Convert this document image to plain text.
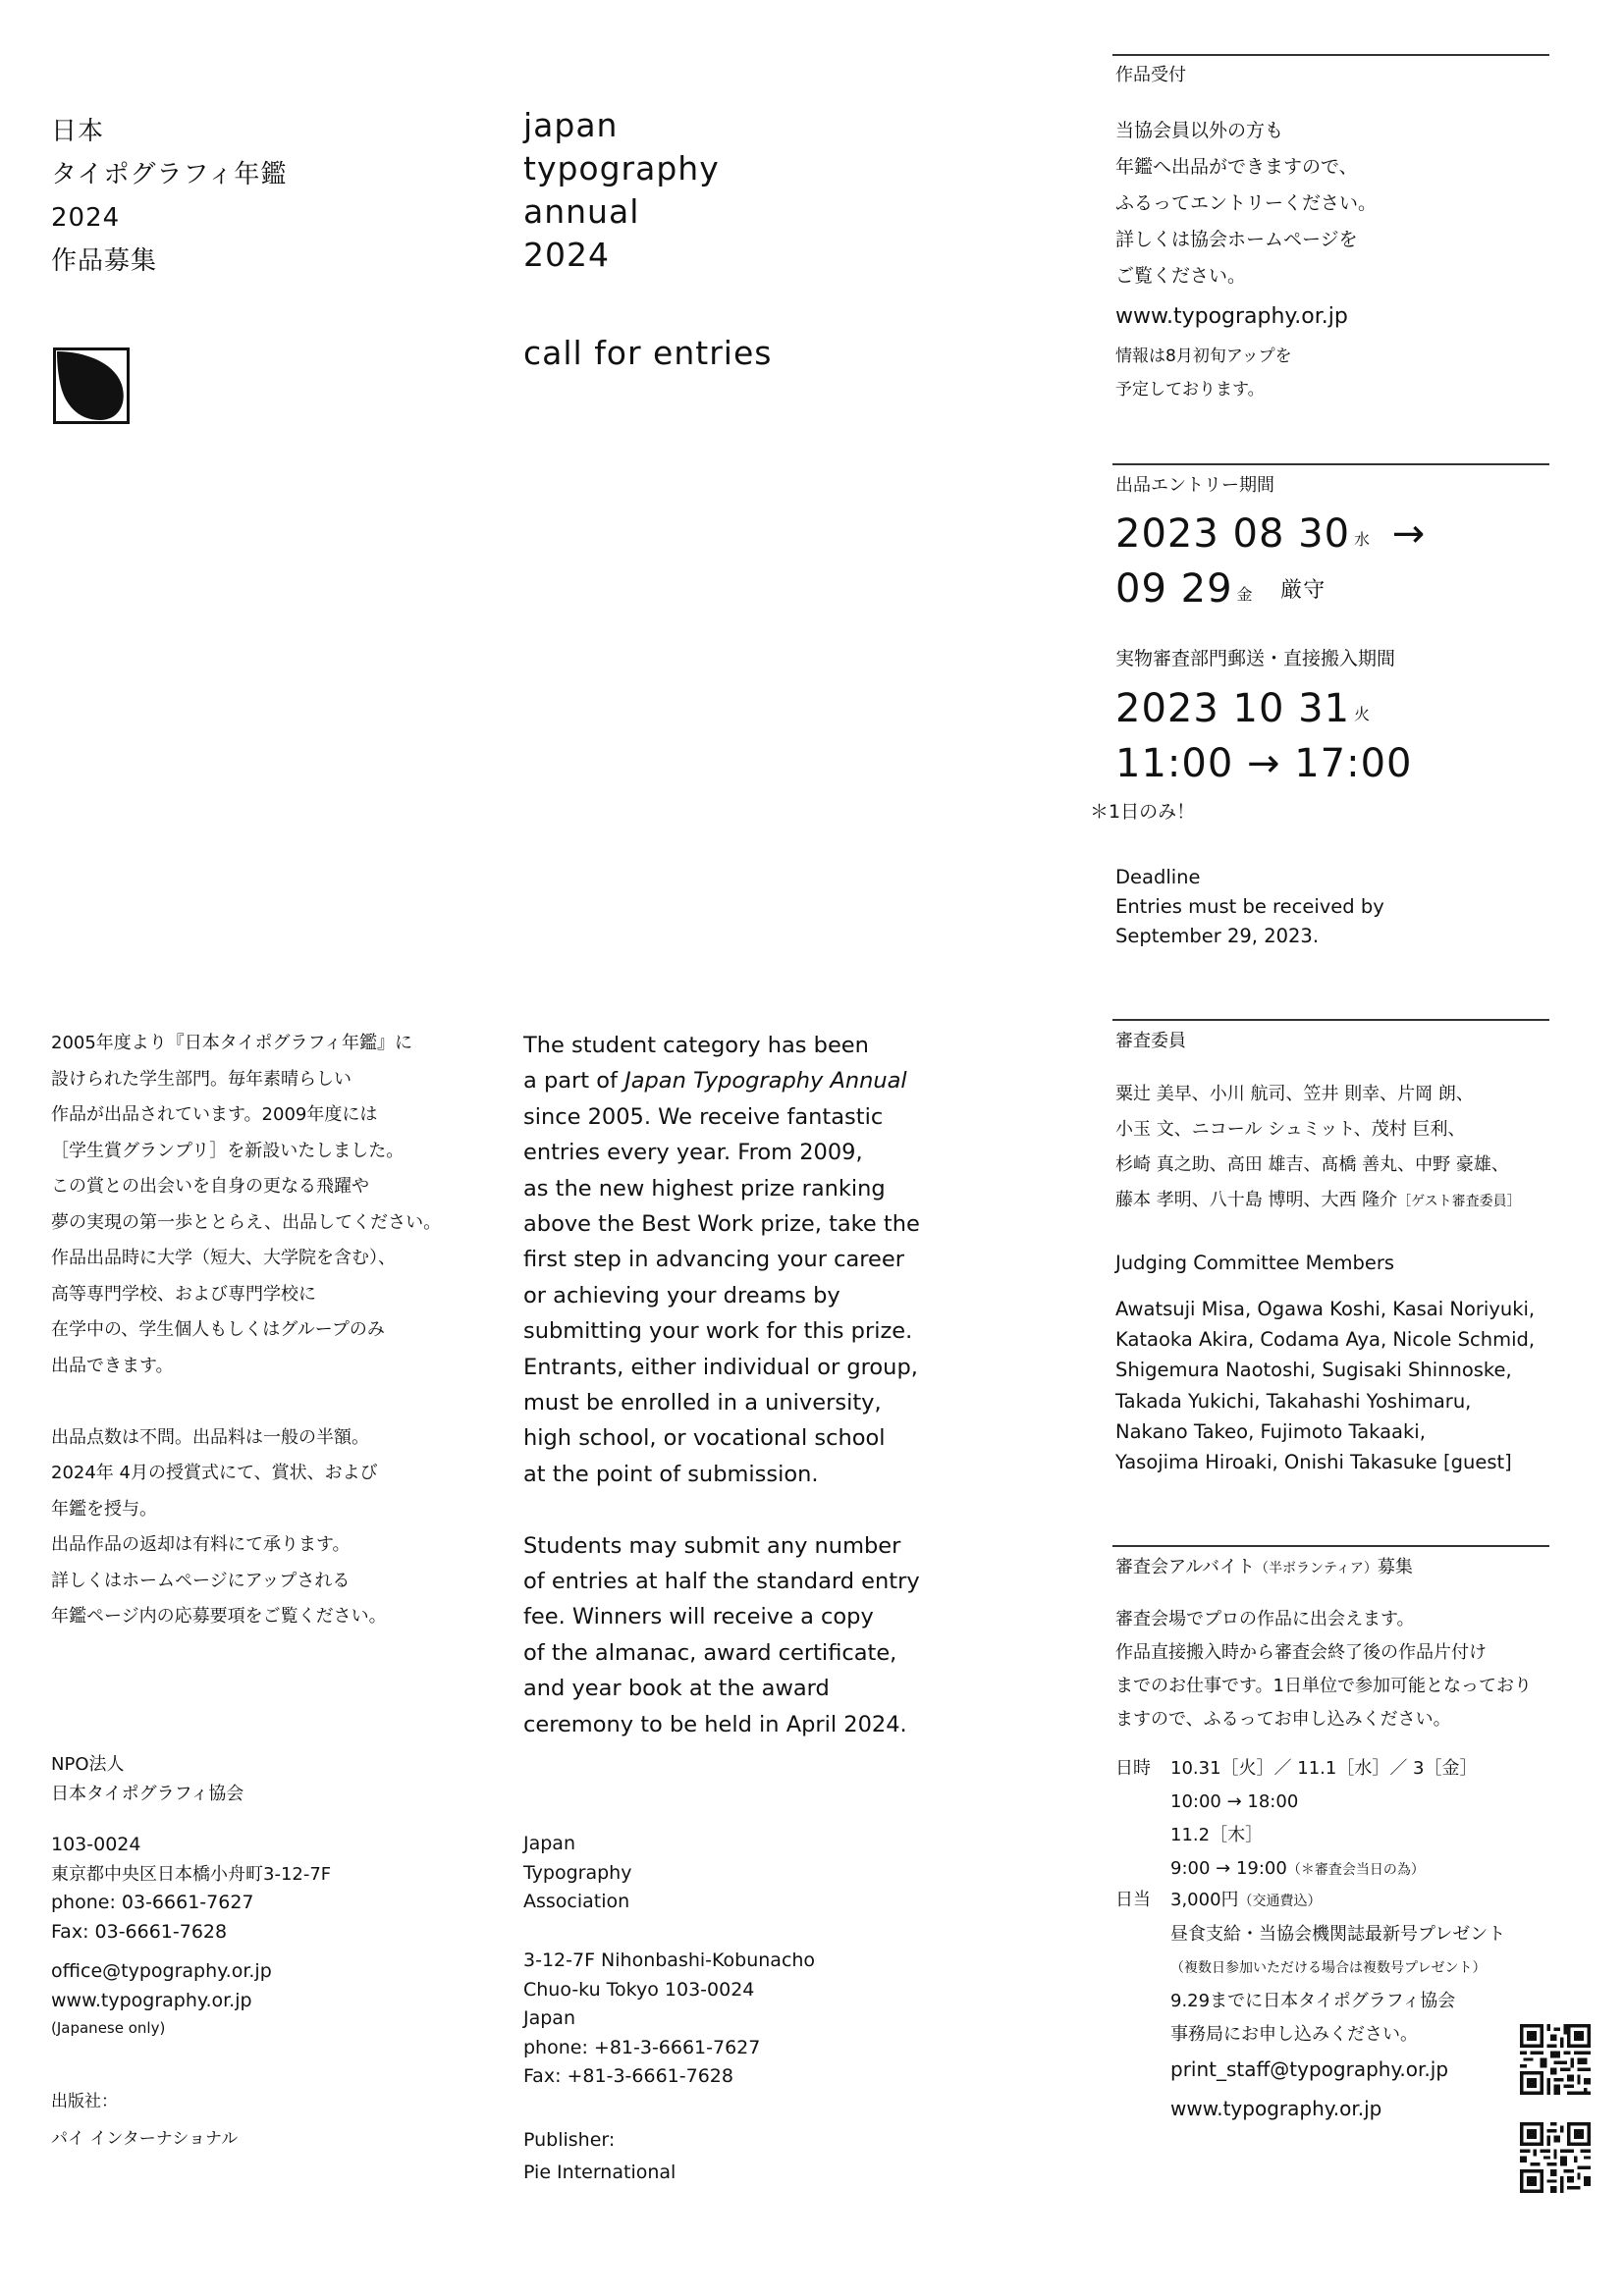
日本
タイポグラフィ年鑑
2024
作品募集
japan
typography
annual
2024
call for entries
作品受付
当協会員以外の方も
年鑑へ出品ができますので、
ふるってエントリーください。
詳しくは協会ホームページを
ご覧ください。
www.typography.or.jp
情報は8月初旬アップを
予定しております。
出品エントリー期間
2023 08 30 $^水$ →
09 29 $^金$ 厳守
実物審査部門郵送・直接搬入期間
2023 10 31 $^火$
11:00 → 17:00
＊1日のみ！
Deadline
Entries must be received by
September 29, 2023.
2005年度より『日本タイポグラフィ年鑑』に
設けられた学生部門。毎年素晴らしい
作品が出品されています。2009年度には
［学生賞グランプリ］を新設いたしました。
この賞との出会いを自身の更なる飛躍や
夢の実現の第一歩ととらえ、出品してください。
作品出品時に大学（短大、大学院を含む）、
高等専門学校、および専門学校に
在学中の、学生個人もしくはグループのみ
出品できます。
出品点数は不問。出品料は一般の半額。
2024年 4月の授賞式にて、賞状、および
年鑑を授与。
出品作品の返却は有料にて承ります。
詳しくはホームページにアップされる
年鑑ページ内の応募要項をご覧ください。
The student category has been
a part of Japan Typography Annual
since 2005. We receive fantastic
entries every year. From 2009,
as the new highest prize ranking
above the Best Work prize, take the
first step in advancing your career
or achieving your dreams by
submitting your work for this prize.
Entrants, either individual or group,
must be enrolled in a university,
high school, or vocational school
at the point of submission.
Students may submit any number
of entries at half the standard entry
fee. Winners will receive a copy
of the almanac, award certificate,
and year book at the award
ceremony to be held in April 2024.
審査委員
粟辻 美早、小川 航司、笠井 則幸、片岡 朗、
小玉 文、ニコール シュミット、茂村 巨利、
杉崎 真之助、高田 雄吉、髙橋 善丸、中野 豪雄、
藤本 孝明、八十島 博明、大西 隆介［ゲスト審査委員］
Judging Committee Members
Awatsuji Misa, Ogawa Koshi, Kasai Noriyuki,
Kataoka Akira, Codama Aya, Nicole Schmid,
Shigemura Naotoshi, Sugisaki Shinnoske,
Takada Yukichi, Takahashi Yoshimaru,
Nakano Takeo, Fujimoto Takaaki,
Yasojima Hiroaki, Onishi Takasuke [guest]
審査会アルバイト（半ボランティア）募集
審査会場でプロの作品に出会えます。
作品直接搬入時から審査会終了後の作品片付け
までのお仕事です。1日単位で参加可能となっており
ますので、ふるってお申し込みください。
日時	10.31［火］／ 11.1［水］／ 3［金］
10:00 → 18:00
11.2［木］
9:00 → 19:00（＊審査会当日の為）
日当	3,000円（交通費込）
昼食支給・当協会機関誌最新号プレゼント
（複数日参加いただける場合は複数号プレゼント）
9.29までに日本タイポグラフィ協会
事務局にお申し込みください。
print_staff@typography.or.jp
www.typography.or.jp
NPO法人
日本タイポグラフィ協会
103-0024
東京都中央区日本橋小舟町3-12-7F
phone: 03-6661-7627
Fax: 03-6661-7628
office@typography.or.jp
www.typography.or.jp
(Japanese only)
出版社：
パイ インターナショナル
Japan
Typography
Association
3-12-7F Nihonbashi-Kobunacho
Chuo-ku Tokyo 103-0024
Japan
phone: +81-3-6661-7627
Fax: +81-3-6661-7628
Publisher:
Pie International
